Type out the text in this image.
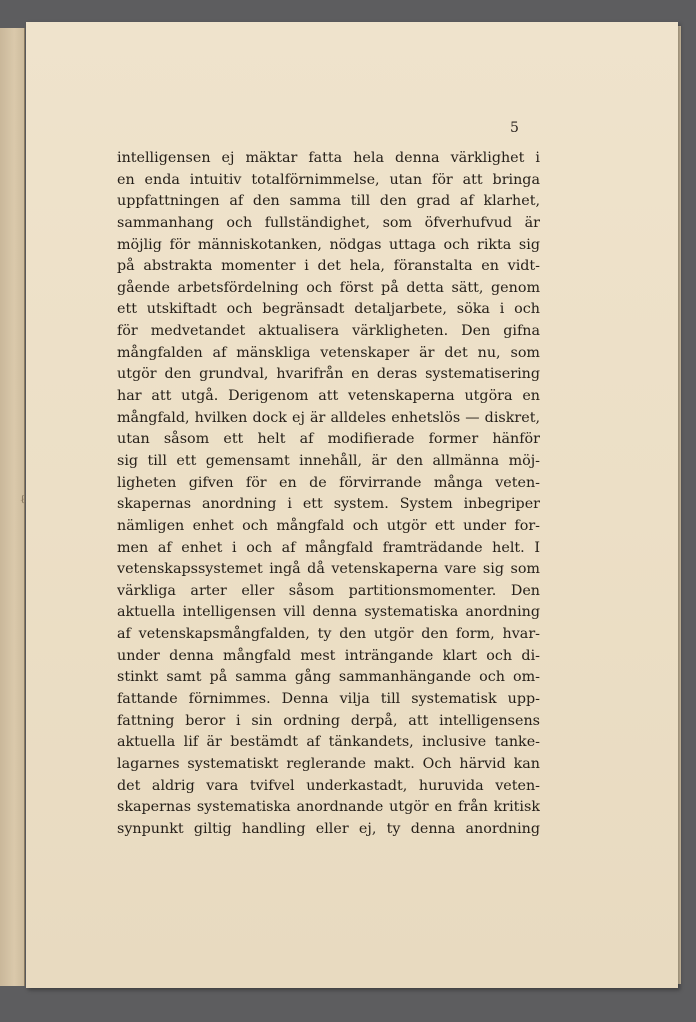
ℓ
5
intelligensen ej mäktar fatta hela denna värklighet i
en enda intuitiv totalförnimmelse, utan för att bringa
uppfattningen af den samma till den grad af klarhet,
sammanhang och fullständighet, som öfverhufvud är
möjlig för människotanken, nödgas uttaga och rikta sig
på abstrakta momenter i det hela, föranstalta en vidt-
gående arbetsfördelning och först på detta sätt, genom
ett utskiftadt och begränsadt detaljarbete, söka i och
för medvetandet aktualisera värkligheten. Den gifna
mångfalden af mänskliga vetenskaper är det nu, som
utgör den grundval, hvarifrån en deras systematisering
har att utgå. Derigenom att vetenskaperna utgöra en
mångfald, hvilken dock ej är alldeles enhetslös — diskret,
utan såsom ett helt af modifierade former hänför
sig till ett gemensamt innehåll, är den allmänna möj-
ligheten gifven för en de förvirrande många veten-
skapernas anordning i ett system. System inbegriper
nämligen enhet och mångfald och utgör ett under for-
men af enhet i och af mångfald framträdande helt. I
vetenskapssystemet ingå då vetenskaperna vare sig som
värkliga arter eller såsom partitionsmomenter. Den
aktuella intelligensen vill denna systematiska anordning
af vetenskapsmångfalden, ty den utgör den form, hvar-
under denna mångfald mest inträngande klart och di-
stinkt samt på samma gång sammanhängande och om-
fattande förnimmes. Denna vilja till systematisk upp-
fattning beror i sin ordning derpå, att intelligensens
aktuella lif är bestämdt af tänkandets, inclusive tanke-
lagarnes systematiskt reglerande makt. Och härvid kan
det aldrig vara tvifvel underkastadt, huruvida veten-
skapernas systematiska anordnande utgör en från kritisk
synpunkt giltig handling eller ej, ty denna anordning
